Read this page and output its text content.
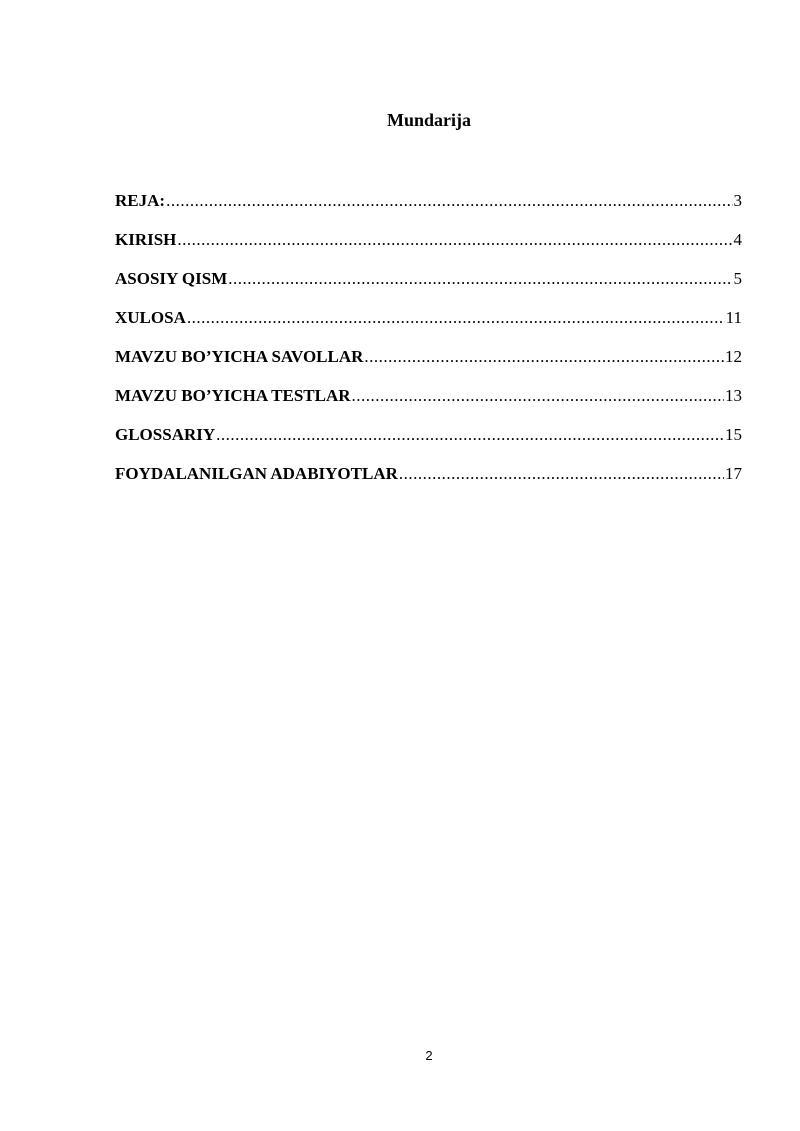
Mundarija
REJA: .....	3
KIRISH .....	4
ASOSIY QISM .....	5
XULOSA .....	11
MAVZU BO’YICHA SAVOLLAR .....	12
MAVZU BO’YICHA TESTLAR .....	13
GLOSSARIY .....	15
FOYDALANILGAN ADABIYOTLAR .....	17
2
